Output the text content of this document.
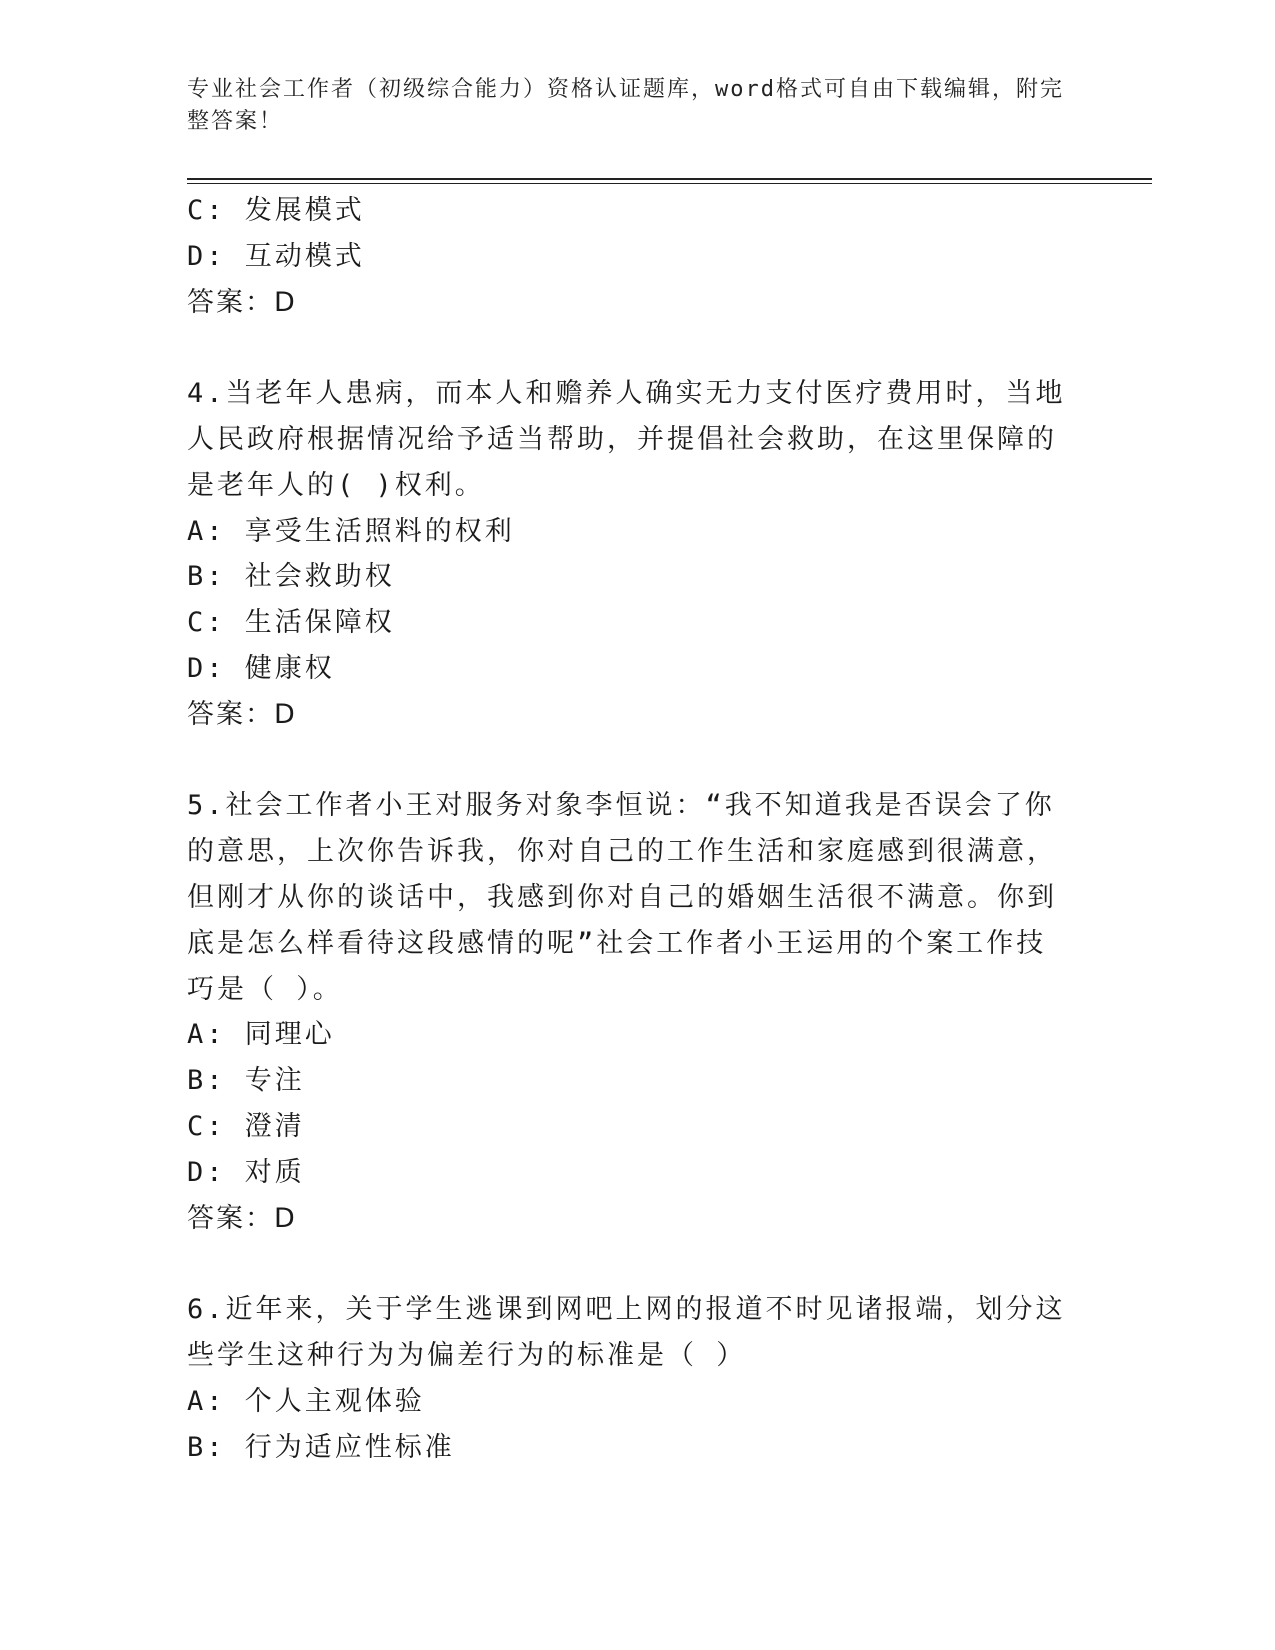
专业社会工作者（初级综合能力）资格认证题库，word格式可自由下载编辑，附完整答案！
C: 发展模式
D: 互动模式
答案：D
4.当老年人患病，而本人和赡养人确实无力支付医疗费用时，当地人民政府根据情况给予适当帮助，并提倡社会救助，在这里保障的是老年人的( )权利。
A: 享受生活照料的权利
B: 社会救助权
C: 生活保障权
D: 健康权
答案：D
5.社会工作者小王对服务对象李恒说：“我不知道我是否误会了你的意思，上次你告诉我，你对自己的工作生活和家庭感到很满意，但刚才从你的谈话中，我感到你对自己的婚姻生活很不满意。你到底是怎么样看待这段感情的呢”社会工作者小王运用的个案工作技巧是（ ）。
A: 同理心
B: 专注
C: 澄清
D: 对质
答案：D
6.近年来，关于学生逃课到网吧上网的报道不时见诸报端，划分这些学生这种行为为偏差行为的标准是（ ）
A: 个人主观体验
B: 行为适应性标准
